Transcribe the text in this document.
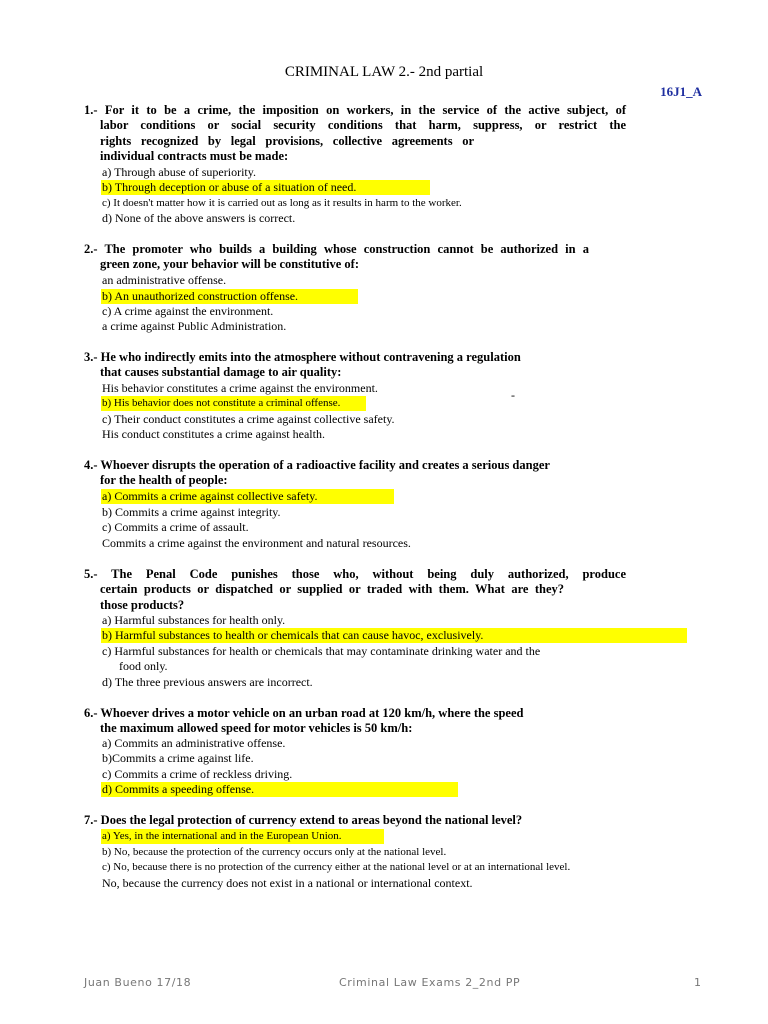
CRIMINAL LAW 2.- 2nd partial
16J1_A
1.- For it to be a crime, the imposition on workers, in the service of the active subject, of
labor conditions or social security conditions that harm, suppress, or restrict the
rights recognized by legal provisions, collective agreements or
individual contracts must be made:
a) Through abuse of superiority.
b) Through deception or abuse of a situation of need.
c) It doesn't matter how it is carried out as long as it results in harm to the worker.
d) None of the above answers is correct.
2.- The promoter who builds a building whose construction cannot be authorized in a
green zone, your behavior will be constitutive of:
an administrative offense.
b) An unauthorized construction offense.
c) A crime against the environment.
a crime against Public Administration.
3.- He who indirectly emits into the atmosphere without contravening a regulation
that causes substantial damage to air quality:
His behavior constitutes a crime against the environment.	-
b) His behavior does not constitute a criminal offense.
c) Their conduct constitutes a crime against collective safety.
His conduct constitutes a crime against health.
4.- Whoever disrupts the operation of a radioactive facility and creates a serious danger
for the health of people:
a) Commits a crime against collective safety.
b) Commits a crime against integrity.
c) Commits a crime of assault.
Commits a crime against the environment and natural resources.
5.- The Penal Code punishes those who, without being duly authorized, produce
certain products or dispatched or supplied or traded with them. What are they?
those products?
a) Harmful substances for health only.
b) Harmful substances to health or chemicals that can cause havoc, exclusively.
c) Harmful substances for health or chemicals that may contaminate drinking water and the
food only.
d) The three previous answers are incorrect.
6.- Whoever drives a motor vehicle on an urban road at 120 km/h, where the speed
the maximum allowed speed for motor vehicles is 50 km/h:
a) Commits an administrative offense.
b)Commits a crime against life.
c) Commits a crime of reckless driving.
d) Commits a speeding offense.
7.- Does the legal protection of currency extend to areas beyond the national level?
a) Yes, in the international and in the European Union.
b) No, because the protection of the currency occurs only at the national level.
c) No, because there is no protection of the currency either at the national level or at an international level.
No, because the currency does not exist in a national or international context.
Juan Bueno 17/18	Criminal Law Exams 2_2nd PP	1
